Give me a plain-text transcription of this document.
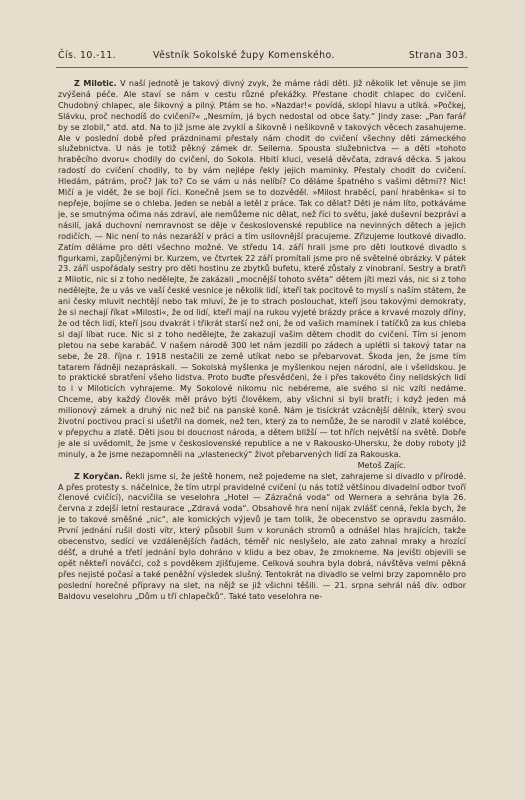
Čís. 10.-11.	Věstník Sokolské župy Komenského.	Strana 303.

Z Milotic. V naší jednotě je takový divný zvyk, že máme rádi děti. Již několik let věnuje se jim zvýšená péče. Ale staví se nám v cestu různé překážky. Přestane chodit chlapec do cvičení. Chudobný chlapec, ale šikovný a pilný. Ptám se ho. »Nazdar!« povídá, sklopí hlavu a utíká. »Počkej, Slávku, proč nechodíš do cvičení?« „Nesmím, já bych nedostal od obce šaty.“ Jindy zase: „Pan farář by se zlobil,“ atd. atd. Na to již jsme ale zvyklí a šikovně i nešikovně v takových věcech zasahujeme. Ale v poslední době před prázdninami přestaly nám chodit do cvičení všechny děti zámeckého služebnictva. U nás je totiž pěkný zámek dr. Seilerna. Spousta služebnictva — a děti »tohoto hraběcího dvoru« chodily do cvičení, do Sokola. Hbití kluci, veselá děvčata, zdravá děcka. S jakou radostí do cvičení chodily, to by vám nejlépe řekly jejich maminky. Přestaly chodit do cvičení. Hledám, pátrám, proč? Jak to? Co se vám u nás nelíbí? Co děláme špatného s vašimi dětmi?? Nic! Mlčí a je vidět, že se bojí říci. Konečně jsem se to dozvěděl. »Milost hraběcí, paní hraběnka« si to nepřeje, bojíme se o chleba. Jeden se nebál a letěl z práce. Tak co dělat? Děti je nám líto, potkáváme je, se smutnýma očima nás zdraví, ale nemůžeme nic dělat, než říci to světu, jaké duševní bezpráví a násilí, jaká duchovní nemravnost se děje v československé republice na nevinných dětech a jejich rodičích. — Nic není to nás nezaráží v práci a tím usilovnější pracujeme. Zřizujeme loutkové divadlo. Zatím děláme pro děti všechno možné. Ve středu 14. září hrali jsme pro děti loutkové divadlo s figurkami, zapůjčenými br. Kurzem, ve čtvrtek 22 září promítali jsme pro ně světelné obrázky. V pátek 23. září uspořádaly sestry pro děti hostinu ze zbytků bufetu, které zůstaly z vinobraní. Sestry a bratři z Milotic, nic si z toho nedělejte, že zakázali „mocnější tohoto světa“ dětem jíti mezi vás, nic si z toho nedělejte, že u vás ve vaší české vesnice je několik lidí, kteří tak pocitově to myslí s naším státem, že ani česky mluvit nechtějí nebo tak mluví, že je to strach poslouchat, kteří jsou takovými demokraty, že si nechají říkat »Milosti«, že od lidí, kteří mají na rukou vyjeté brázdy práce a krvavé mozoly dříny, že od těch lidí, kteří jsou dvakrát i třikrát starší než oni, že od vašich maminek i tatíčků za kus chleba si dají líbat ruce. Nic si z toho nedělejte, že zakazují vašim dětem chodit do cvičení. Tím si jenom pletou na sebe karabáč. V našem národě 300 let nám jezdili po zádech a uplétli si takový tatar na sebe, že 28. října r. 1918 nestačili ze země utíkat nebo se přebarvovat. Škoda jen, že jsme tím tatarem řádněji nezapráskali. — Sokolská myšlenka je myšlenkou nejen národní, ale i všelidskou. Je to praktické sbratření všeho lidstva. Proto buďte přesvědčeni, že i přes takovéto činy nelidských lidí to i v Miloticích vyhrajeme. My Sokolové nikomu nic nebéreme, ale svého si nic vzíti nedáme. Chceme, aby každý člověk měl právo býti člověkem, aby všichni si byli bratři; i když jeden má milionový zámek a druhý nic než bič na panské koně. Nám je tisíckrát vzácnější dělník, který svou životní poctivou prací si ušetřil na domek, než ten, který za to nemůže, že se narodil v zlaté kolébce, v přepychu a zlatě. Děti jsou bi doucnost národa, a dětem bližší — tot hřích největší na světě. Dobře je ale si uvědomit, že jsme v československé republice a ne v Rakousko-Uhersku, že doby roboty již minuly, a že jsme nezapomněli na „vlastenecký“ život přebarvených lidí za Rakouska.

Metoš Zajíc.

Z Koryčan. Řekli jsme si, že ještě honem, než pojedeme na slet, zahrajeme si divadlo v přírodě. A přes protesty s. náčelnice, že tím utrpí pravidelné cvičení (u nás totiž většinou divadelní odbor tvoří členové cvičící), nacvičila se veselohra „Hotel — Zázračná voda“ od Wernera a sehrána byla 26. června z zdejší letní restaurace „Zdravá voda“. Obsahově hra není nijak zvlášť cenná, řekla bych, že je to takové směšné „nic“, ale komických výjevů je tam tolik, že obecenstvo se opravdu zasmálo. První jednání rušil dosti vítr, který působil šum v korunách stromů a odnášel hlas hrajících, takže obecenstvo, sedící ve vzdálenějších řadách, téměř nic neslyšelo, ale zato zahnal mraky a hrozící déšť, a druhé a třetí jednání bylo dohráno v klidu a bez obav, že zmokneme. Na jevišti objevili se opět někteří nováčci, což s povděkem zjišťujeme. Celková souhra byla dobrá, návštěva velmi pěkná přes nejisté počasí a také peněžní výsledek slušný. Tentokrát na divadlo se velmi brzy zapomnělo pro poslední horečné přípravy na slet, na nějž se již všichni těšili. — 21. srpna sehrál náš div. odbor Baldovu veselohru „Dům u tří chlapečků“. Také tato veselohra ne-
